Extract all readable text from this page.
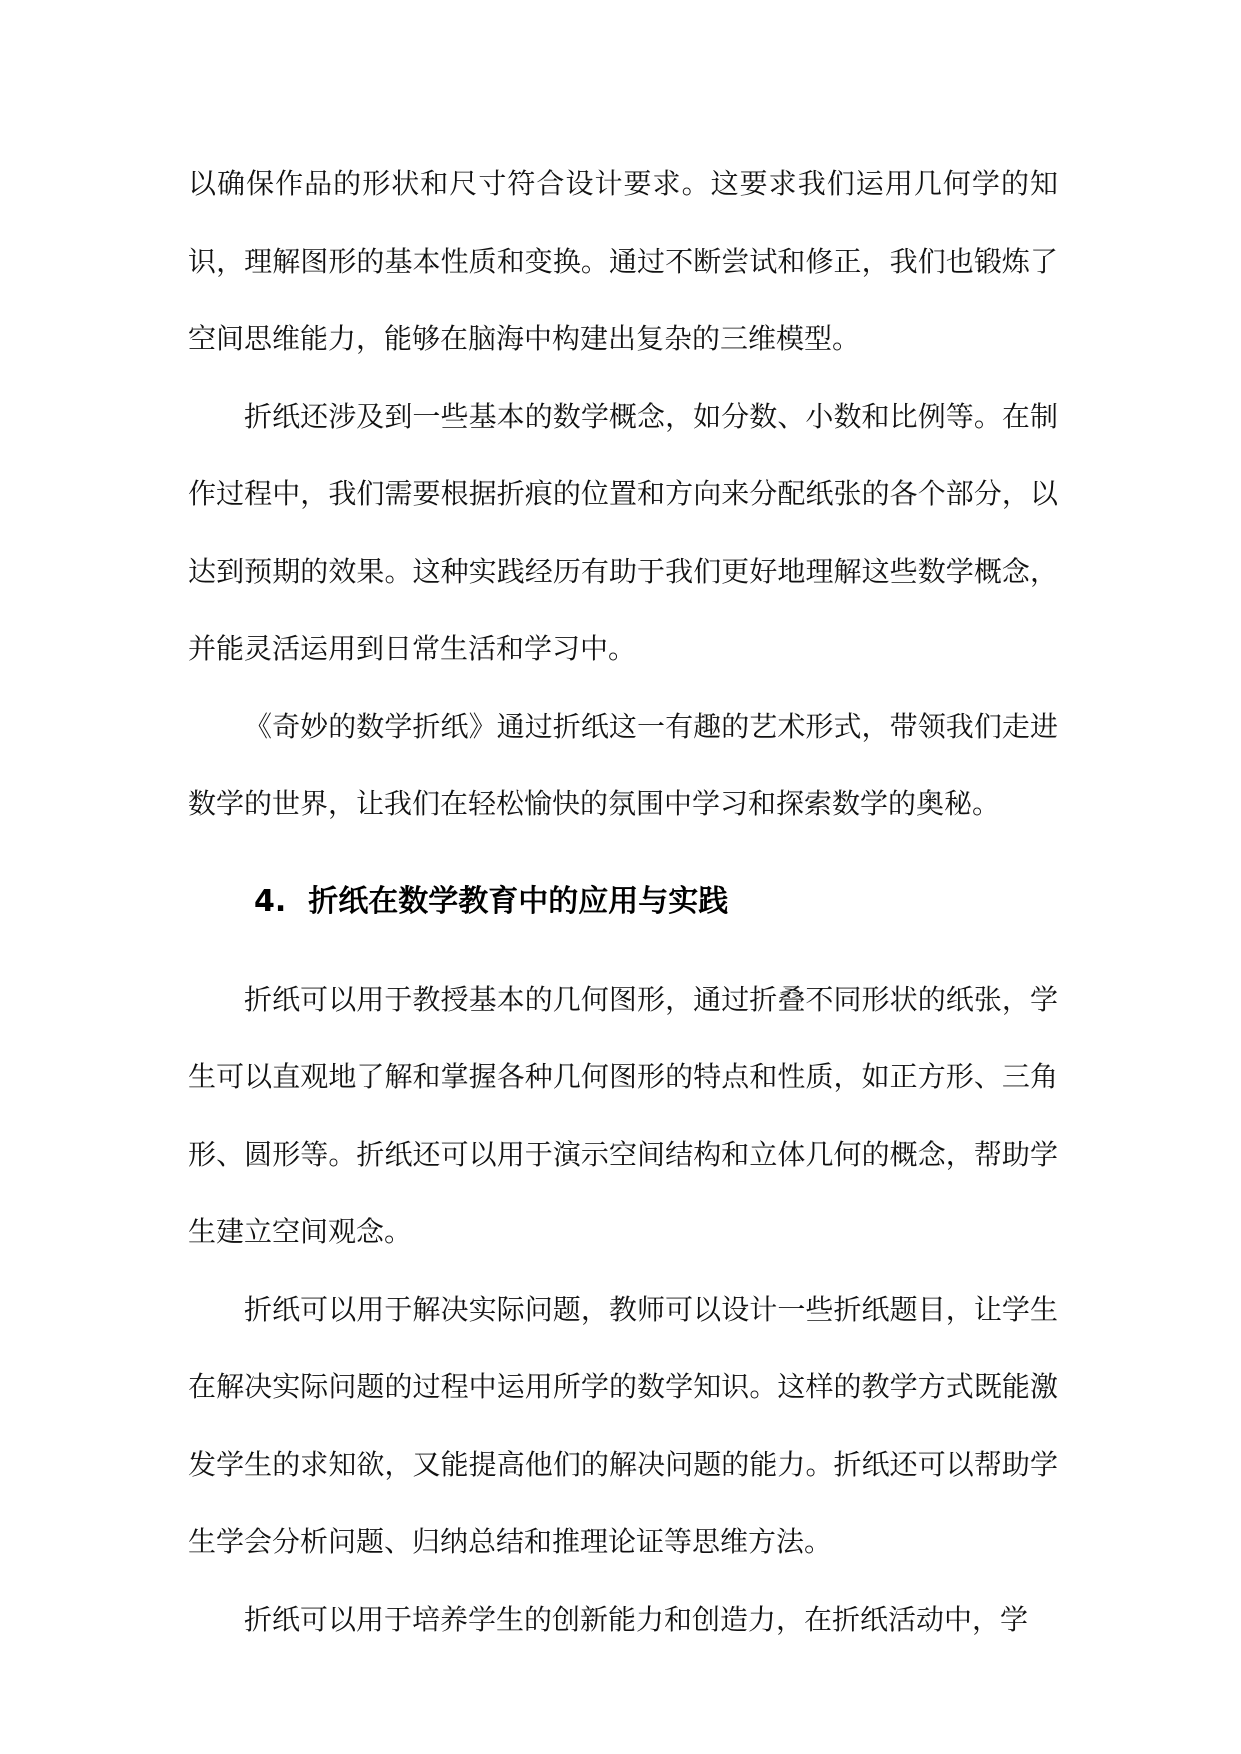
以确保作品的形状和尺寸符合设计要求。这要求我们运用几何学的知识，理解图形的基本性质和变换。通过不断尝试和修正，我们也锻炼了空间思维能力，能够在脑海中构建出复杂的三维模型。

折纸还涉及到一些基本的数学概念，如分数、小数和比例等。在制作过程中，我们需要根据折痕的位置和方向来分配纸张的各个部分，以达到预期的效果。这种实践经历有助于我们更好地理解这些数学概念，并能灵活运用到日常生活和学习中。

《奇妙的数学折纸》通过折纸这一有趣的艺术形式，带领我们走进数学的世界，让我们在轻松愉快的氛围中学习和探索数学的奥秘。

4. 折纸在数学教育中的应用与实践

折纸可以用于教授基本的几何图形，通过折叠不同形状的纸张，学生可以直观地了解和掌握各种几何图形的特点和性质，如正方形、三角形、圆形等。折纸还可以用于演示空间结构和立体几何的概念，帮助学生建立空间观念。

折纸可以用于解决实际问题，教师可以设计一些折纸题目，让学生在解决实际问题的过程中运用所学的数学知识。这样的教学方式既能激发学生的求知欲，又能提高他们的解决问题的能力。折纸还可以帮助学生学会分析问题、归纳总结和推理论证等思维方法。

折纸可以用于培养学生的创新能力和创造力，在折纸活动中，学
